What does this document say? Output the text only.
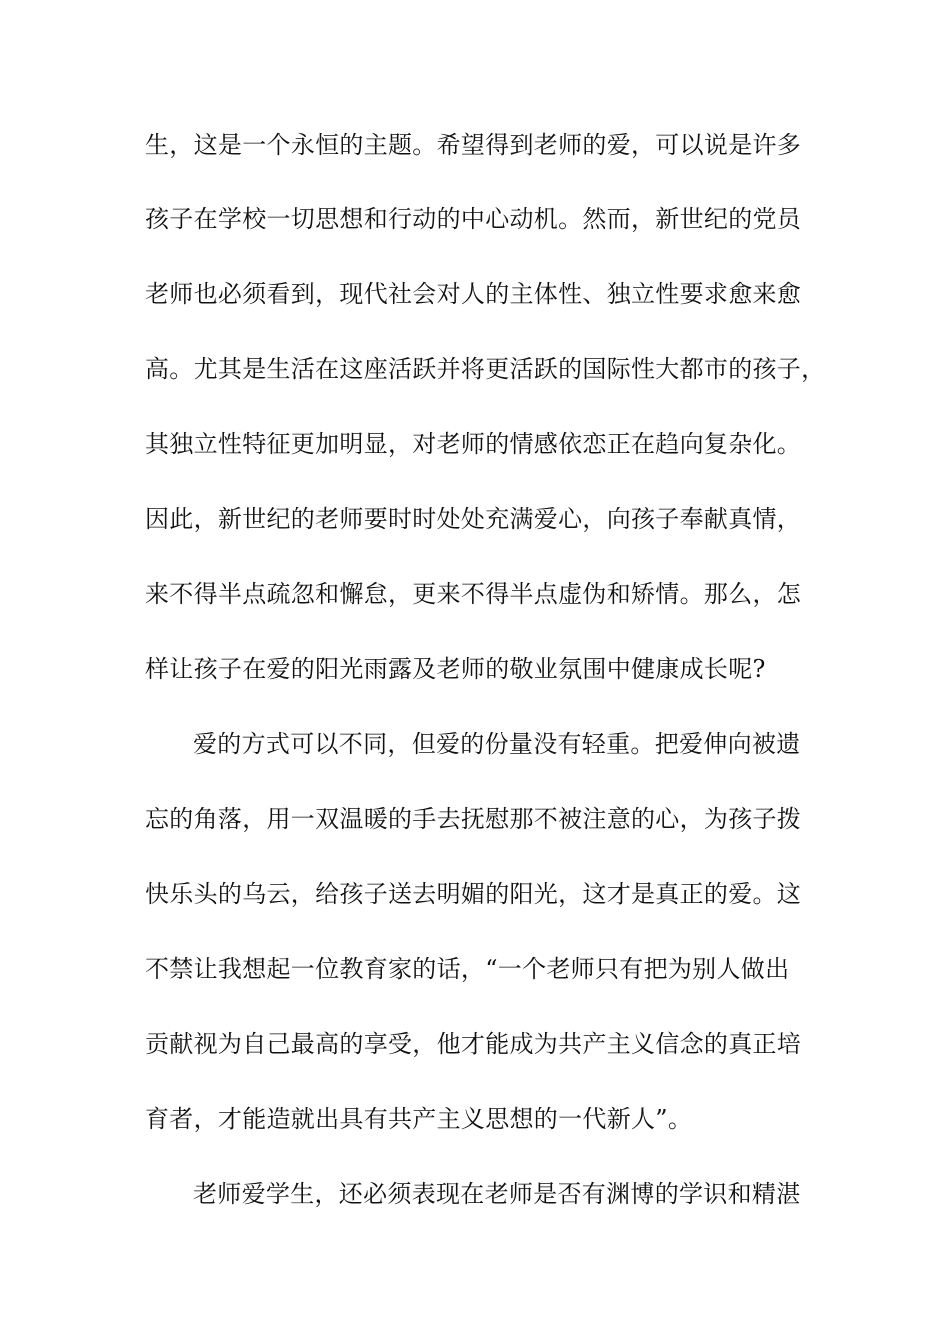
生，这是一个永恒的主题。希望得到老师的爱，可以说是许多
孩子在学校一切思想和行动的中心动机。然而，新世纪的党员
老师也必须看到，现代社会对人的主体性、独立性要求愈来愈
高。尤其是生活在这座活跃并将更活跃的国际性大都市的孩子，
其独立性特征更加明显，对老师的情感依恋正在趋向复杂化。
因此，新世纪的老师要时时处处充满爱心，向孩子奉献真情，
来不得半点疏忽和懈怠，更来不得半点虚伪和矫情。那么，怎
样让孩子在爱的阳光雨露及老师的敬业氛围中健康成长呢?
爱的方式可以不同，但爱的份量没有轻重。把爱伸向被遗
忘的角落，用一双温暖的手去抚慰那不被注意的心，为孩子拨
快乐头的乌云，给孩子送去明媚的阳光，这才是真正的爱。这
不禁让我想起一位教育家的话，“一个老师只有把为别人做出
贡献视为自己最高的享受，他才能成为共产主义信念的真正培
育者，才能造就出具有共产主义思想的一代新人”。
老师爱学生，还必须表现在老师是否有渊博的学识和精湛
